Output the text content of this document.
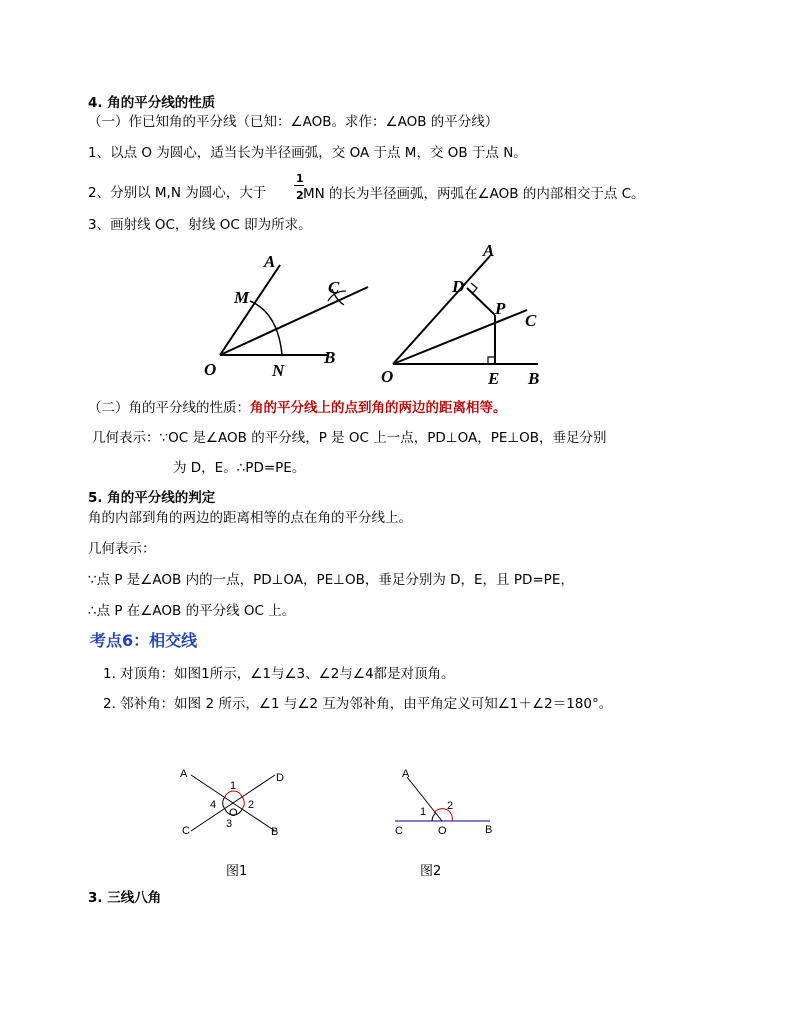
4. 角的平分线的性质
（一）作已知角的平分线（已知：∠AOB。求作：∠AOB 的平分线）
1、以点 O 为圆心，适当长为半径画弧，交 OA 于点 M，交 OB 于点 N。
2、分别以 M,N 为圆心，大于
1
2 MN 的长为半径画弧，两弧在∠AOB 的内部相交于点 C。
3、画射线 OC，射线 OC 即为所求。
A
M
C
O	N
B
A
D
P
C
O	E B
（二）角的平分线的性质：角的平分线上的点到角的两边的距离相等。
几何表示：∵OC 是∠AOB 的平分线，P 是 OC 上一点，PD⊥OA，PE⊥OB，垂足分别
为 D，E。∴PD=PE。
5. 角的平分线的判定
角的内部到角的两边的距离相等的点在角的平分线上。
几何表示：
∵点 P 是∠AOB 内的一点，PD⊥OA，PE⊥OB，垂足分别为 D，E，且 PD=PE，
∴点 P 在∠AOB 的平分线 OC 上。
考点6：相交线
1. 对顶角：如图1所示，∠1与∠3、∠2与∠4都是对顶角。
2. 邻补角：如图 2 所示，∠1 与∠2 互为邻补角，由平角定义可知∠1＋∠2＝180°。
A	D
C	B
1
2
3
4
O
图1
A
C	O	B
1 2
图2
3. 三线八角
